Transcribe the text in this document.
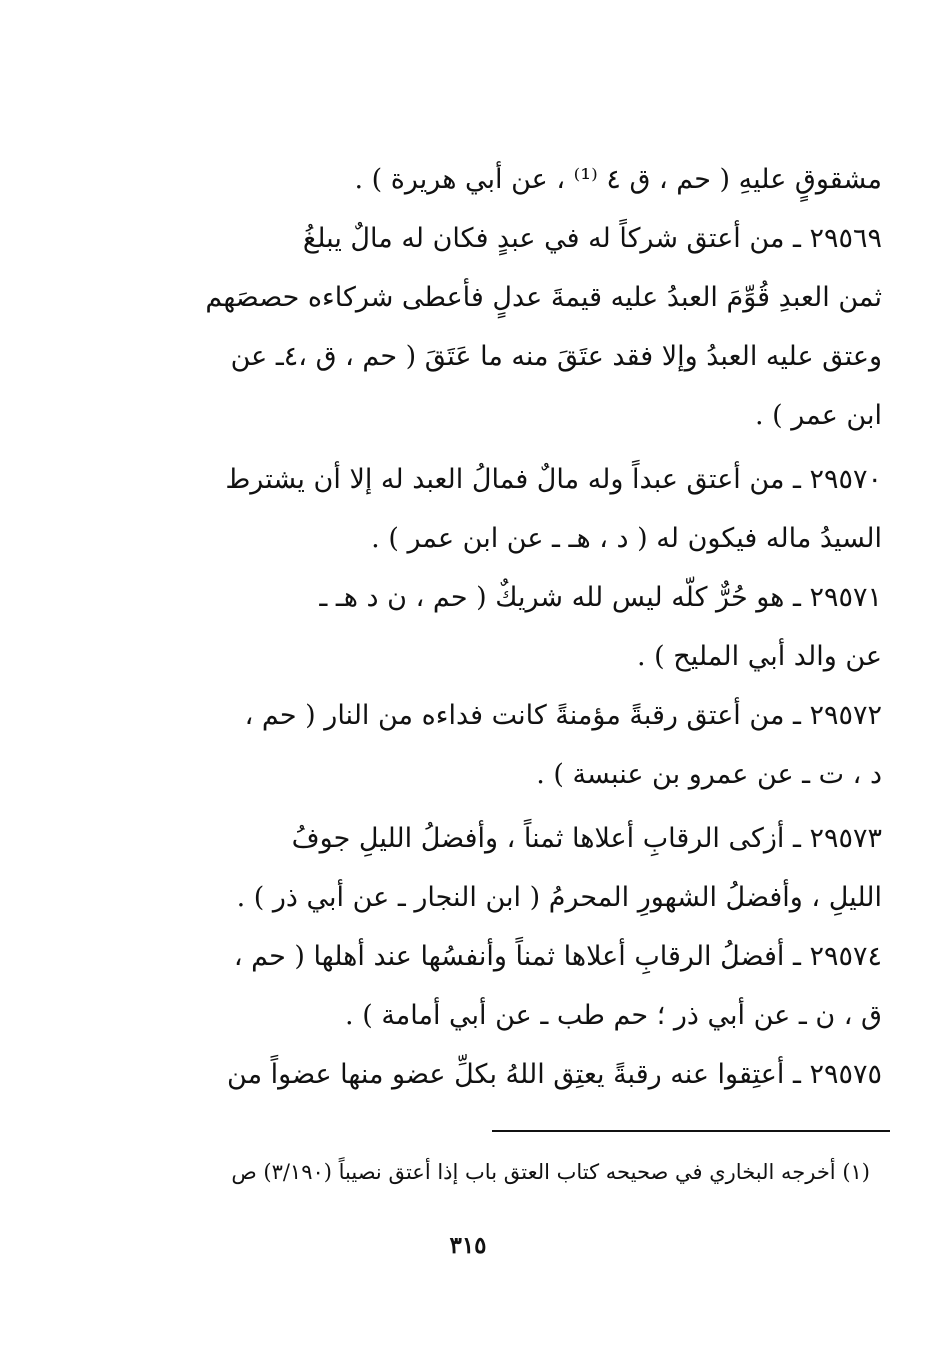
مشقوقٍ عليهِ ( حم ، ق ٤ ⁽¹⁾ ، عن أبي هريرة ) .
٢٩٥٦٩ ـ من أعتق شركاً له في عبدٍ فكان له مالٌ يبلغُ
ثمن العبدِ قُوِّمَ العبدُ عليه قيمةَ عدلٍ فأعطى شركاءه حصصَهم
وعتق عليه العبدُ وإلا فقد عتَقَ منه ما عَتَقَ ( حم ، ق ،٤ـ عن
ابن عمر ) .
٢٩٥٧٠ ـ من أعتق عبداً وله مالٌ فمالُ العبد له إلا أن يشترط
السيدُ ماله فيكون له ( د ، هـ ـ عن ابن عمر ) .
٢٩٥٧١ ـ هو حُرٌّ كلّه ليس لله شريكٌ ( حم ، ن د هـ ـ
عن والد أبي المليح ) .
٢٩٥٧٢ ـ من أعتق رقبةً مؤمنةً كانت فداءه من النار ( حم ،
د ، ت ـ عن عمرو بن عنبسة ) .
٢٩٥٧٣ ـ أزكى الرقابِ أعلاها ثمناً ، وأفضلُ الليلِ جوفُ
الليلِ ، وأفضلُ الشهورِ المحرمُ ( ابن النجار ـ عن أبي ذر ) .
٢٩٥٧٤ ـ أفضلُ الرقابِ أعلاها ثمناً وأنفسُها عند أهلها ( حم ،
ق ، ن ـ عن أبي ذر ؛ حم طب ـ عن أبي أمامة ) .
٢٩٥٧٥ ـ أعتِقوا عنه رقبةً يعتِق اللهُ بكلِّ عضو منها عضواً من
(١) أخرجه البخاري في صحيحه كتاب العتق باب إذا أعتق نصيباً (٣/١٩٠) ص
٣١٥
